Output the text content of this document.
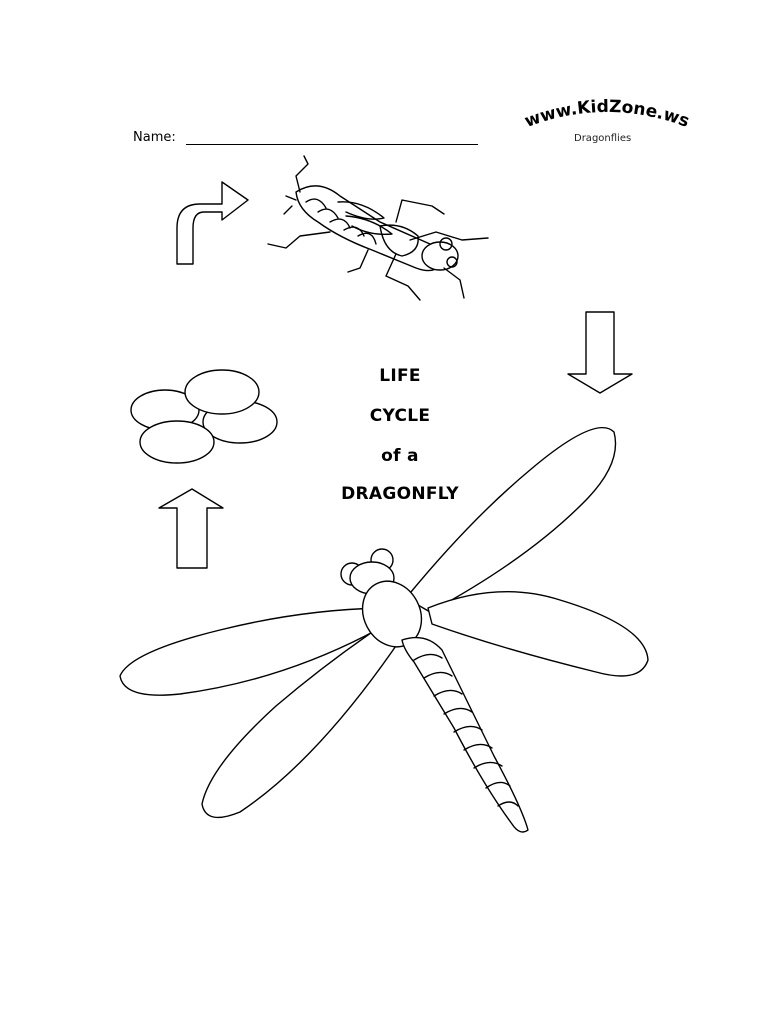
Name:
www.KidZone.ws
Dragonflies
LIFE
CYCLE
of a
DRAGONFLY
